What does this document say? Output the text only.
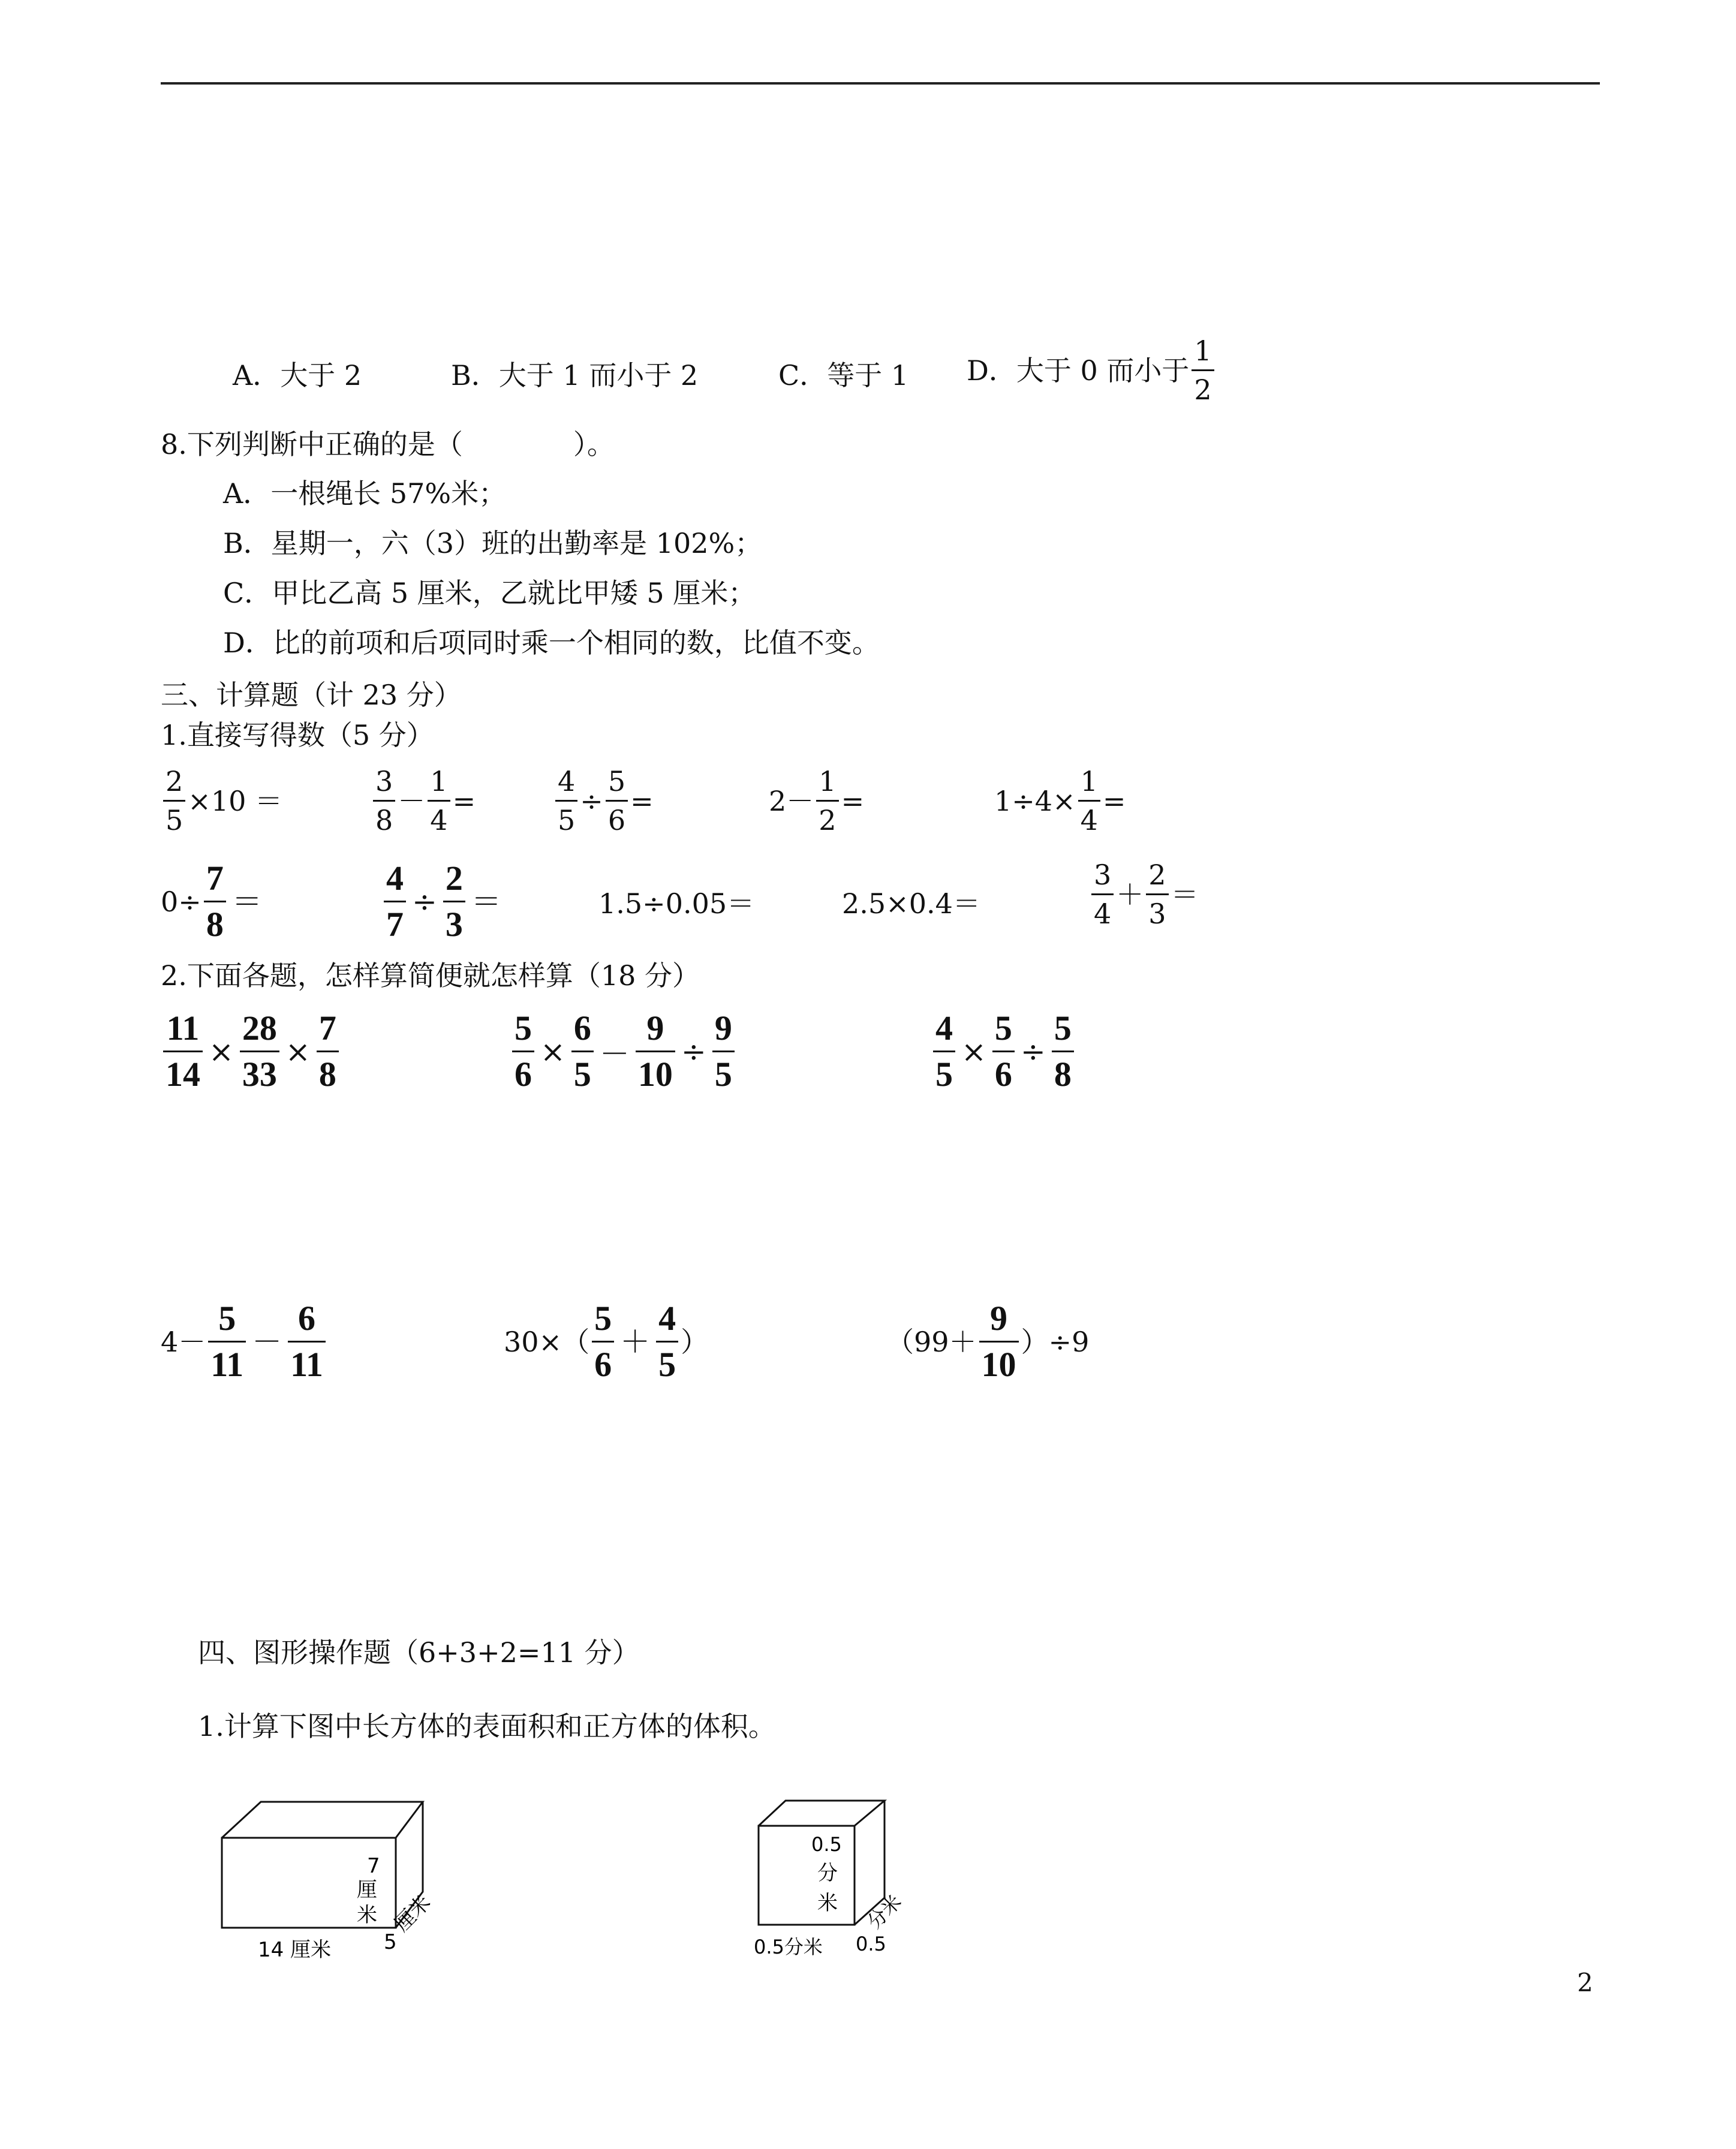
A．大于 2	B．大于 1 而小于 2	C．等于 1 D．大于 0 而小于
1
2
8.下列判断中正确的是（　　　　）。
A．一根绳长 57%米；
B．星期一，六（3）班的出勤率是 102%；
C．甲比乙高 5 厘米，乙就比甲矮 5 厘米；
D．比的前项和后项同时乘一个相同的数，比值不变。
三、计算题（计 23 分）
1.直接写得数（5 分）
2
5
×10 ＝
3
8
－
1
4
=
4
5
÷
5
6
=	2－
1
2
=	1÷4×
1
4
=
0÷
7
8
＝
4
7
÷
2
3
＝	1.5÷0.05＝	2.5×0.4＝
3
4
＋
2
3
＝
2.下面各题，怎样算简便就怎样算（18 分）
11
14
×
28
33
×
7
8
5
6
×
6
5
－
9
10
÷
9
5
4
5
×
5
6
÷
5
8
4－
5
11
－
6
11
30×（
5
6
＋
4
5
）	（99＋
9
10
）÷9
四、图形操作题（6+3+2=11 分）
1.计算下图中长方体的表面积和正方体的体积。
7
厘
米
14 厘米	5
厘米
0.5
分
米
0.5分米 0.5
分米
2
